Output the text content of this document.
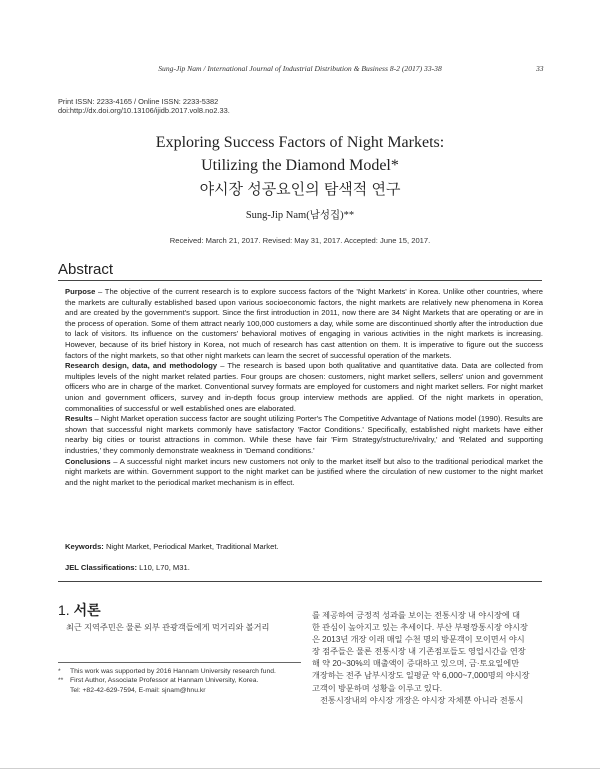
Sung-Jip Nam / International Journal of Industrial Distribution & Business 8-2 (2017) 33-38	33
Print ISSN: 2233-4165 / Online ISSN: 2233-5382
doi:http://dx.doi.org/10.13106/ijidb.2017.vol8.no2.33.
Exploring Success Factors of Night Markets:
Utilizing the Diamond Model*
야시장 성공요인의 탐색적 연구
Sung-Jip Nam(남성집)**
Received: March 21, 2017. Revised: May 31, 2017. Accepted: June 15, 2017.
Abstract

Purpose – The objective of the current research is to explore success factors of the 'Night Markets' in Korea. Unlike other countries, where the markets are culturally established based upon various socioeconomic factors, the night markets are relatively new phenomena in Korea and are created by the government's support. Since the first introduction in 2011, now there are 34 Night Markets that are operating or are in the process of operation. Some of them attract nearly 100,000 customers a day, while some are discontinued shortly after the introduction due to lack of visitors. Its influence on the customers' behavioral motives of engaging in various activities in the night markets is increasing. However, because of its brief history in Korea, not much of research has cast attention on them. It is imperative to figure out the success factors of the night markets, so that other night markets can learn the secret of successful operation of the markets.

Research design, data, and methodology – The research is based upon both qualitative and quantitative data. Data are collected from multiples levels of the night market related parties. Four groups are chosen: customers, night market sellers, sellers' union and government officers who are in charge of the market. Conventional survey formats are employed for customers and night market sellers. For night market union and government officers, survey and in-depth focus group interview methods are applied. Of the night markets in operation, commonalities of successful or well established ones are elaborated.

Results – Night Market operation success factor are sought utilizing Porter's The Competitive Advantage of Nations model (1990). Results are shown that successful night markets commonly have satisfactory 'Factor Conditions.' Specifically, established night markets have either nearby big cities or tourist attractions in common. While these have fair 'Firm Strategy/structure/rivalry,' and 'Related and supporting industries,' they commonly demonstrate weakness in 'Demand conditions.'

Conclusions – A successful night market incurs new customers not only to the market itself but also to the traditional periodical market the night markets are within. Government support to the night market can be justified where the circulation of new customer to the night market and the night market to the periodical market mechanism is in effect.

Keywords: Night Market, Periodical Market, Traditional Market.
JEL Classifications: L10, L70, M31.
1. 서론
최근 지역주민은 물론 외부 관광객들에게 먹거리와 볼거리
* This work was supported by 2016 Hannam University research fund.
** First Author, Associate Professor at Hannam University, Korea.
Tel: +82-42-629-7594, E-mail: sjnam@hnu.kr
를 제공하여 긍정적 성과를 보이는 전통시장 내 야시장에 대
한 관심이 높아지고 있는 추세이다. 부산 부평깡통시장 야시장
은 2013년 개장 이래 매일 수천 명의 방문객이 모이면서 야시
장 점주들은 물론 전통시장 내 기존점포들도 영업시간을 연장
해 약 20~30%의 매출액이 증대하고 있으며, 금·토요일에만
개장하는 전주 남부시장도 일평균 약 6,000~7,000명의 야시장
고객이 방문하며 성황을 이루고 있다.
전통시장내의 야시장 개장은 야시장 자체뿐 아니라 전통시
